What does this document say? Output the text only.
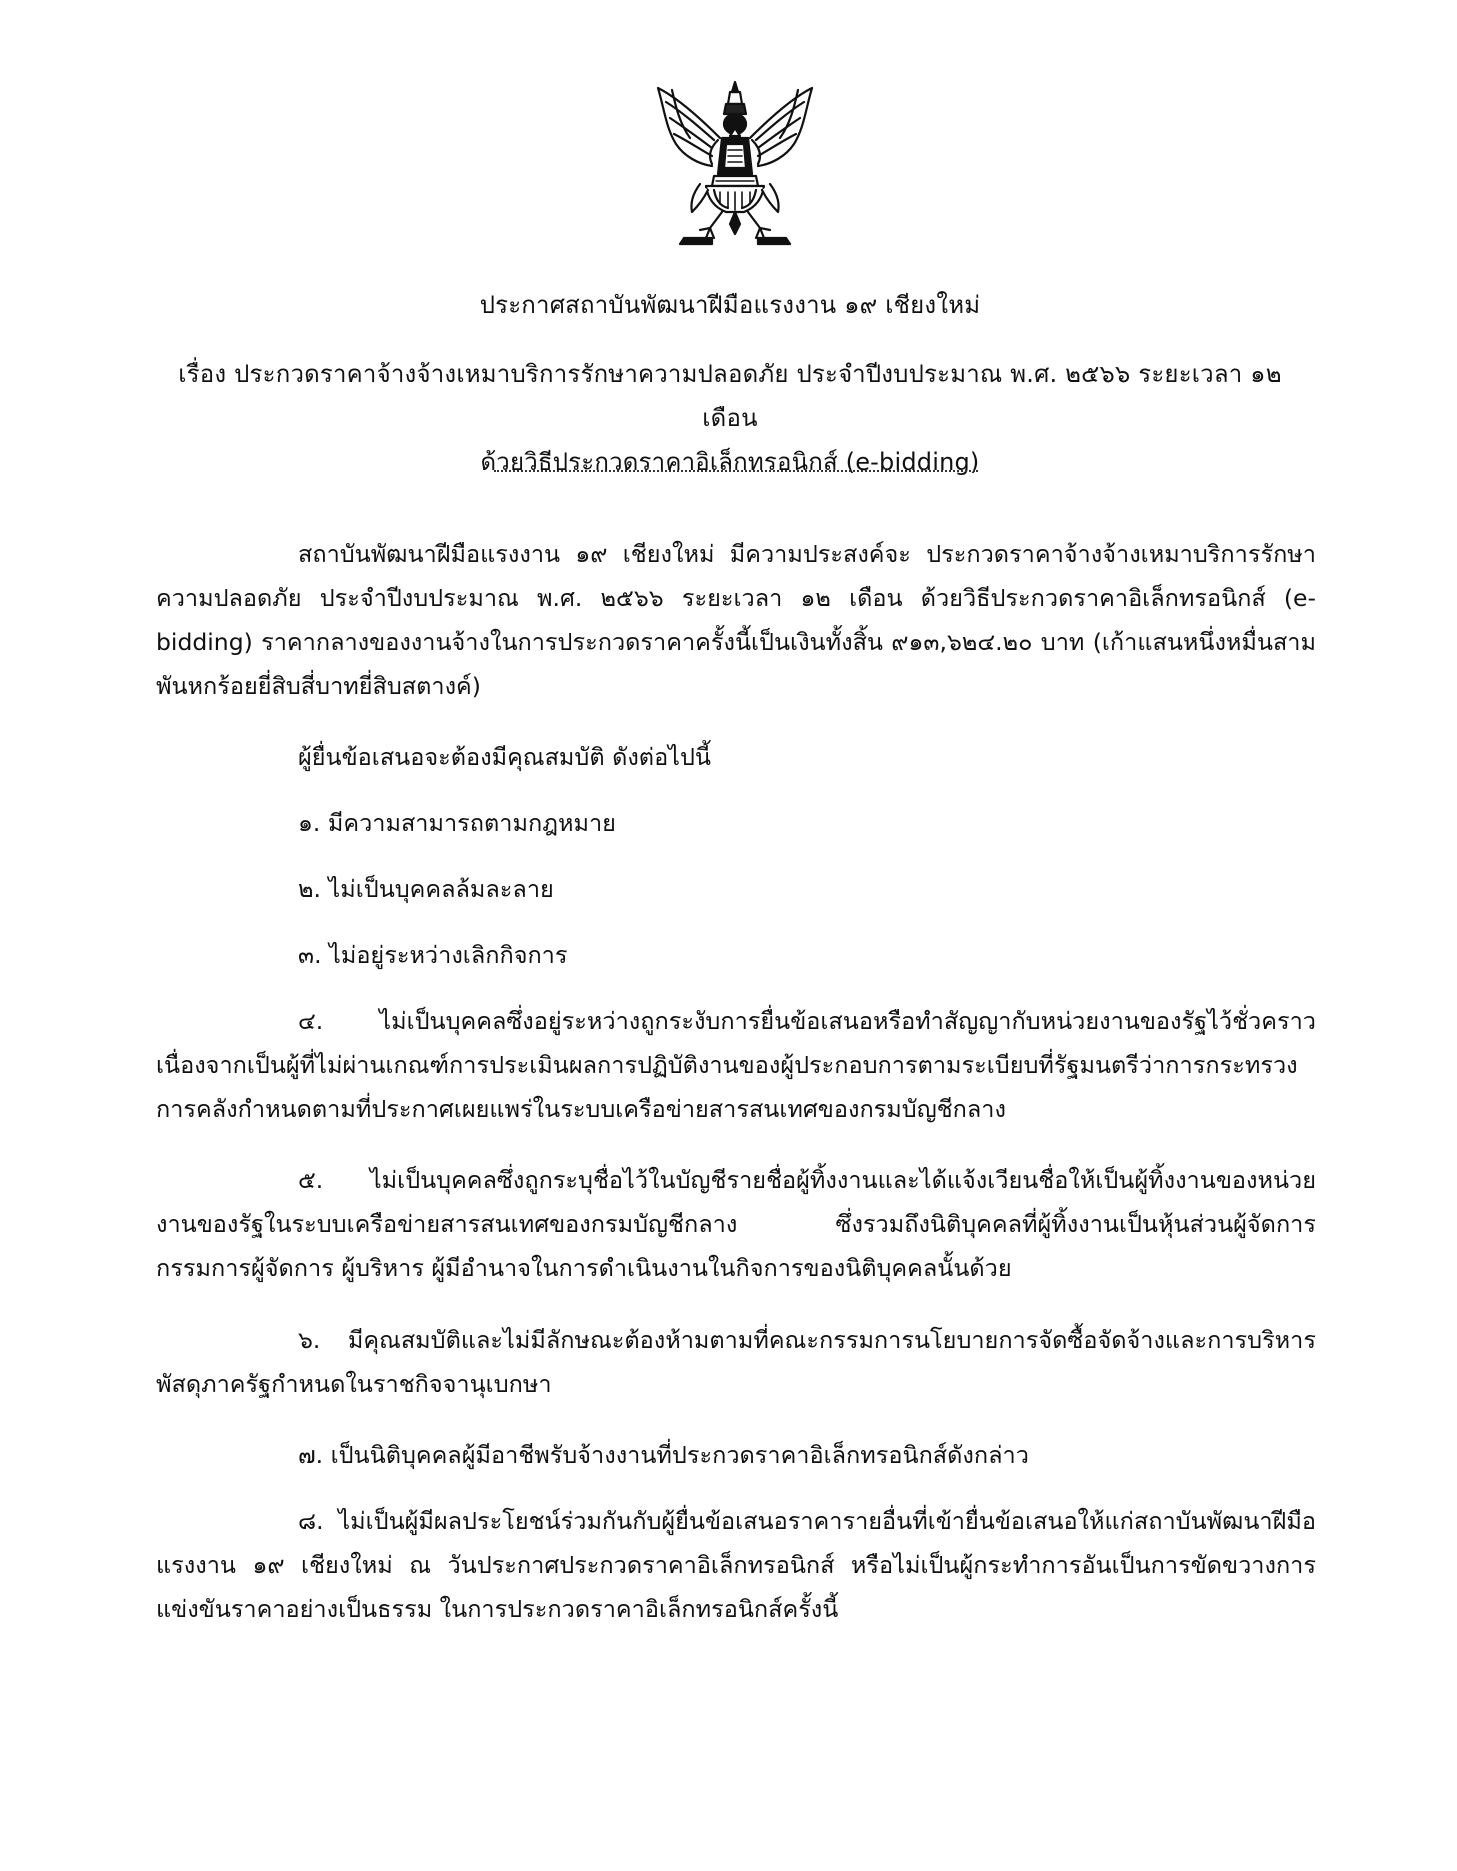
ประกาศสถาบันพัฒนาฝีมือแรงงาน ๑๙ เชียงใหม่
เรื่อง ประกวดราคาจ้างจ้างเหมาบริการรักษาความปลอดภัย ประจำปีงบประมาณ พ.ศ. ๒๕๖๖ ระยะเวลา ๑๒ เดือน
ด้วยวิธีประกวดราคาอิเล็กทรอนิกส์ (e-bidding)
สถาบันพัฒนาฝีมือแรงงาน ๑๙ เชียงใหม่ มีความประสงค์จะ ประกวดราคาจ้างจ้างเหมาบริการรักษาความปลอดภัย ประจำปีงบประมาณ พ.ศ. ๒๕๖๖ ระยะเวลา ๑๒ เดือน ด้วยวิธีประกวดราคาอิเล็กทรอนิกส์ (e-bidding) ราคากลางของงานจ้างในการประกวดราคาครั้งนี้เป็นเงินทั้งสิ้น ๙๑๓,๖๒๔.๒๐ บาท (เก้าแสนหนึ่งหมื่นสามพันหกร้อยยี่สิบสี่บาทยี่สิบสตางค์)
ผู้ยื่นข้อเสนอจะต้องมีคุณสมบัติ ดังต่อไปนี้
๑. มีความสามารถตามกฎหมาย
๒. ไม่เป็นบุคคลล้มละลาย
๓. ไม่อยู่ระหว่างเลิกกิจการ
๔. ไม่เป็นบุคคลซึ่งอยู่ระหว่างถูกระงับการยื่นข้อเสนอหรือทำสัญญากับหน่วยงานของรัฐไว้ชั่วคราว เนื่องจากเป็นผู้ที่ไม่ผ่านเกณฑ์การประเมินผลการปฏิบัติงานของผู้ประกอบการตามระเบียบที่รัฐมนตรีว่าการกระทรวงการคลังกำหนดตามที่ประกาศเผยแพร่ในระบบเครือข่ายสารสนเทศของกรมบัญชีกลาง
๕. ไม่เป็นบุคคลซึ่งถูกระบุชื่อไว้ในบัญชีรายชื่อผู้ทิ้งงานและได้แจ้งเวียนชื่อให้เป็นผู้ทิ้งงานของหน่วยงานของรัฐในระบบเครือข่ายสารสนเทศของกรมบัญชีกลาง ซึ่งรวมถึงนิติบุคคลที่ผู้ทิ้งงานเป็นหุ้นส่วนผู้จัดการ กรรมการผู้จัดการ ผู้บริหาร ผู้มีอำนาจในการดำเนินงานในกิจการของนิติบุคคลนั้นด้วย
๖. มีคุณสมบัติและไม่มีลักษณะต้องห้ามตามที่คณะกรรมการนโยบายการจัดซื้อจัดจ้างและการบริหารพัสดุภาครัฐกำหนดในราชกิจจานุเบกษา
๗. เป็นนิติบุคคลผู้มีอาชีพรับจ้างงานที่ประกวดราคาอิเล็กทรอนิกส์ดังกล่าว
๘. ไม่เป็นผู้มีผลประโยชน์ร่วมกันกับผู้ยื่นข้อเสนอราคารายอื่นที่เข้ายื่นข้อเสนอให้แก่สถาบันพัฒนาฝีมือแรงงาน ๑๙ เชียงใหม่ ณ วันประกาศประกวดราคาอิเล็กทรอนิกส์ หรือไม่เป็นผู้กระทำการอันเป็นการขัดขวางการแข่งขันราคาอย่างเป็นธรรม ในการประกวดราคาอิเล็กทรอนิกส์ครั้งนี้
